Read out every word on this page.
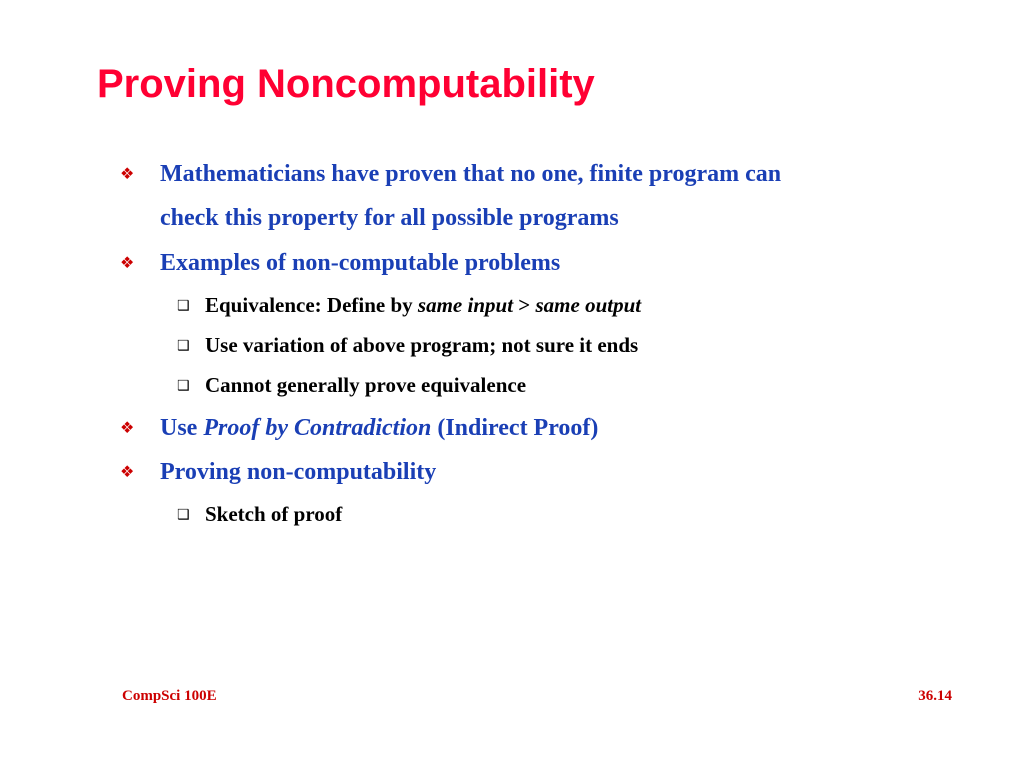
Proving Noncomputability
❖ Mathematicians have proven that no one, finite program can
check this property for all possible programs
❖ Examples of non-computable problems
❑ Equivalence: Define by same input > same output
❑ Use variation of above program; not sure it ends
❑ Cannot generally prove equivalence
❖ Use Proof by Contradiction (Indirect Proof)
❖ Proving non-computability
❑ Sketch of proof
CompSci 100E	36.14
